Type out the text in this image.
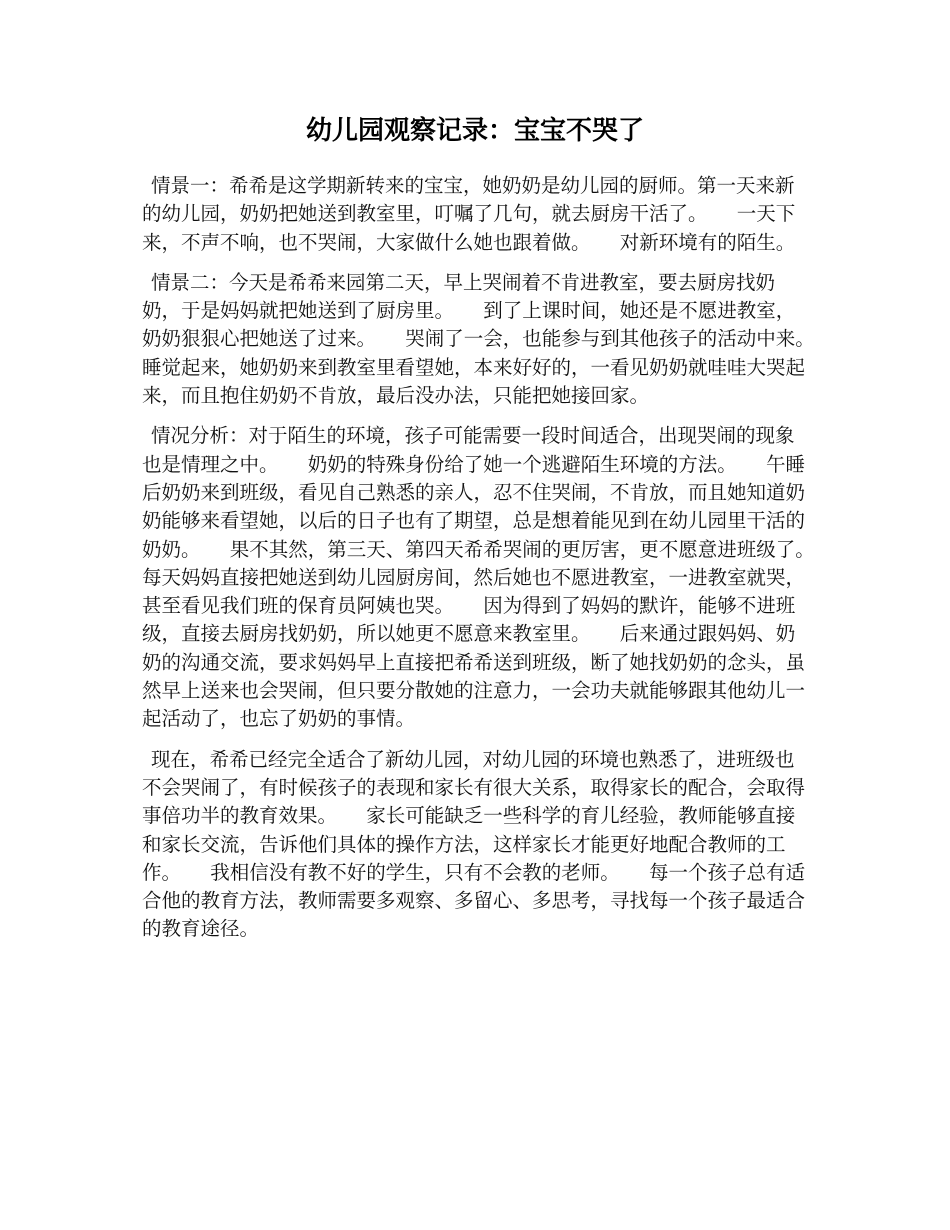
幼儿园观察记录：宝宝不哭了

情景一：希希是这学期新转来的宝宝，她奶奶是幼儿园的厨师。第一天来新的幼儿园，奶奶把她送到教室里，叮嘱了几句，就去厨房干活了。　　一天下来，不声不响，也不哭闹，大家做什么她也跟着做。　　对新环境有的陌生。

情景二：今天是希希来园第二天，早上哭闹着不肯进教室，要去厨房找奶奶，于是妈妈就把她送到了厨房里。　　到了上课时间，她还是不愿进教室，奶奶狠狠心把她送了过来。　　哭闹了一会，也能参与到其他孩子的活动中来。　　睡觉起来，她奶奶来到教室里看望她，本来好好的，一看见奶奶就哇哇大哭起来，而且抱住奶奶不肯放，最后没办法，只能把她接回家。

情况分析：对于陌生的环境，孩子可能需要一段时间适合，出现哭闹的现象也是情理之中。　　奶奶的特殊身份给了她一个逃避陌生环境的方法。　　午睡后奶奶来到班级，看见自己熟悉的亲人，忍不住哭闹，不肯放，而且她知道奶奶能够来看望她，以后的日子也有了期望，总是想着能见到在幼儿园里干活的奶奶。　　果不其然，第三天、第四天希希哭闹的更厉害，更不愿意进班级了。　　每天妈妈直接把她送到幼儿园厨房间，然后她也不愿进教室，一进教室就哭，甚至看见我们班的保育员阿姨也哭。　　因为得到了妈妈的默许，能够不进班级，直接去厨房找奶奶，所以她更不愿意来教室里。　　后来通过跟妈妈、奶奶的沟通交流，要求妈妈早上直接把希希送到班级，断了她找奶奶的念头，虽然早上送来也会哭闹，但只要分散她的注意力，一会功夫就能够跟其他幼儿一起活动了，也忘了奶奶的事情。

现在，希希已经完全适合了新幼儿园，对幼儿园的环境也熟悉了，进班级也不会哭闹了，有时候孩子的表现和家长有很大关系，取得家长的配合，会取得事倍功半的教育效果。　　家长可能缺乏一些科学的育儿经验，教师能够直接和家长交流，告诉他们具体的操作方法，这样家长才能更好地配合教师的工作。　　我相信没有教不好的学生，只有不会教的老师。　　每一个孩子总有适合他的教育方法，教师需要多观察、多留心、多思考，寻找每一个孩子最适合的教育途径。
